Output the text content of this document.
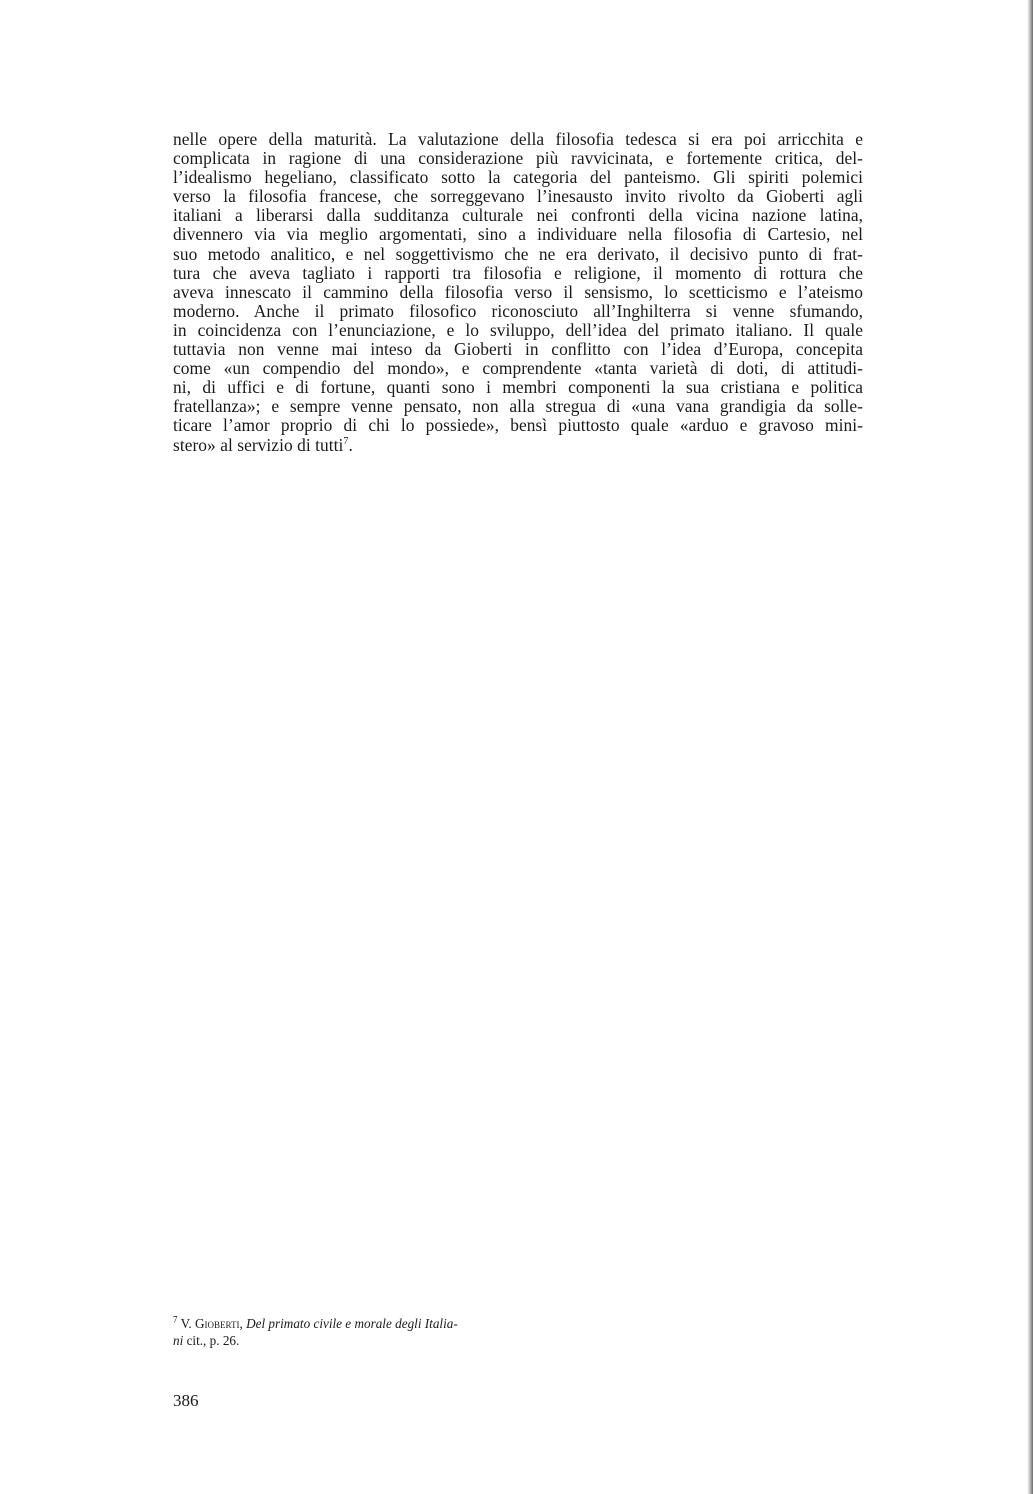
nelle opere della maturità. La valutazione della filosofia tedesca si era poi arricchita e
complicata in ragione di una considerazione più ravvicinata, e fortemente critica, del-
l’idealismo hegeliano, classificato sotto la categoria del panteismo. Gli spiriti polemici
verso la filosofia francese, che sorreggevano l’inesausto invito rivolto da Gioberti agli
italiani a liberarsi dalla sudditanza culturale nei confronti della vicina nazione latina,
divennero via via meglio argomentati, sino a individuare nella filosofia di Cartesio, nel
suo metodo analitico, e nel soggettivismo che ne era derivato, il decisivo punto di frat-
tura che aveva tagliato i rapporti tra filosofia e religione, il momento di rottura che
aveva innescato il cammino della filosofia verso il sensismo, lo scetticismo e l’ateismo
moderno. Anche il primato filosofico riconosciuto all’Inghilterra si venne sfumando,
in coincidenza con l’enunciazione, e lo sviluppo, dell’idea del primato italiano. Il quale
tuttavia non venne mai inteso da Gioberti in conflitto con l’idea d’Europa, concepita
come «un compendio del mondo», e comprendente «tanta varietà di doti, di attitudi-
ni, di uffici e di fortune, quanti sono i membri componenti la sua cristiana e politica
fratellanza»; e sempre venne pensato, non alla stregua di «una vana grandigia da solle-
ticare l’amor proprio di chi lo possiede», bensì piuttosto quale «arduo e gravoso mini-
stero» al servizio di tutti$^7$.

$^7$ V. Gioberti, Del primato civile e morale degli Italia-
ni cit., p. 26.

386
